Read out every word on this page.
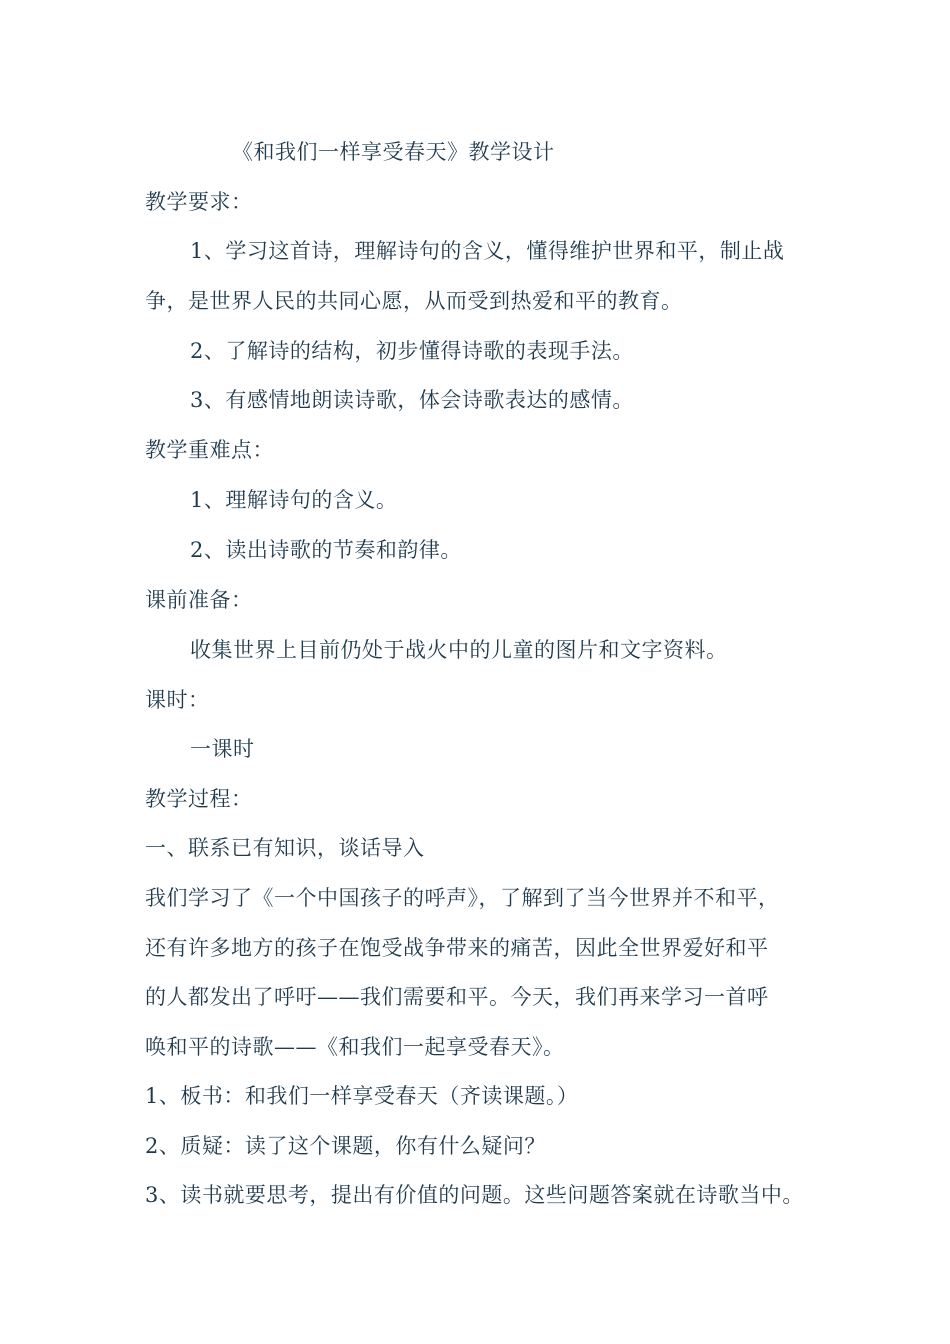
《和我们一样享受春天》教学设计
教学要求：
1、学习这首诗，理解诗句的含义，懂得维护世界和平，制止战
争，是世界人民的共同心愿，从而受到热爱和平的教育。
2、了解诗的结构，初步懂得诗歌的表现手法。
3、有感情地朗读诗歌，体会诗歌表达的感情。
教学重难点：
1、理解诗句的含义。
2、读出诗歌的节奏和韵律。
课前准备：
收集世界上目前仍处于战火中的儿童的图片和文字资料。
课时：
一课时
教学过程：
一、联系已有知识，谈话导入
我们学习了《一个中国孩子的呼声》，了解到了当今世界并不和平，
还有许多地方的孩子在饱受战争带来的痛苦，因此全世界爱好和平
的人都发出了呼吁——我们需要和平。今天，我们再来学习一首呼
唤和平的诗歌——《和我们一起享受春天》。
1、板书：和我们一样享受春天（齐读课题。）
2、质疑：读了这个课题，你有什么疑问？
3、读书就要思考，提出有价值的问题。这些问题答案就在诗歌当中。
